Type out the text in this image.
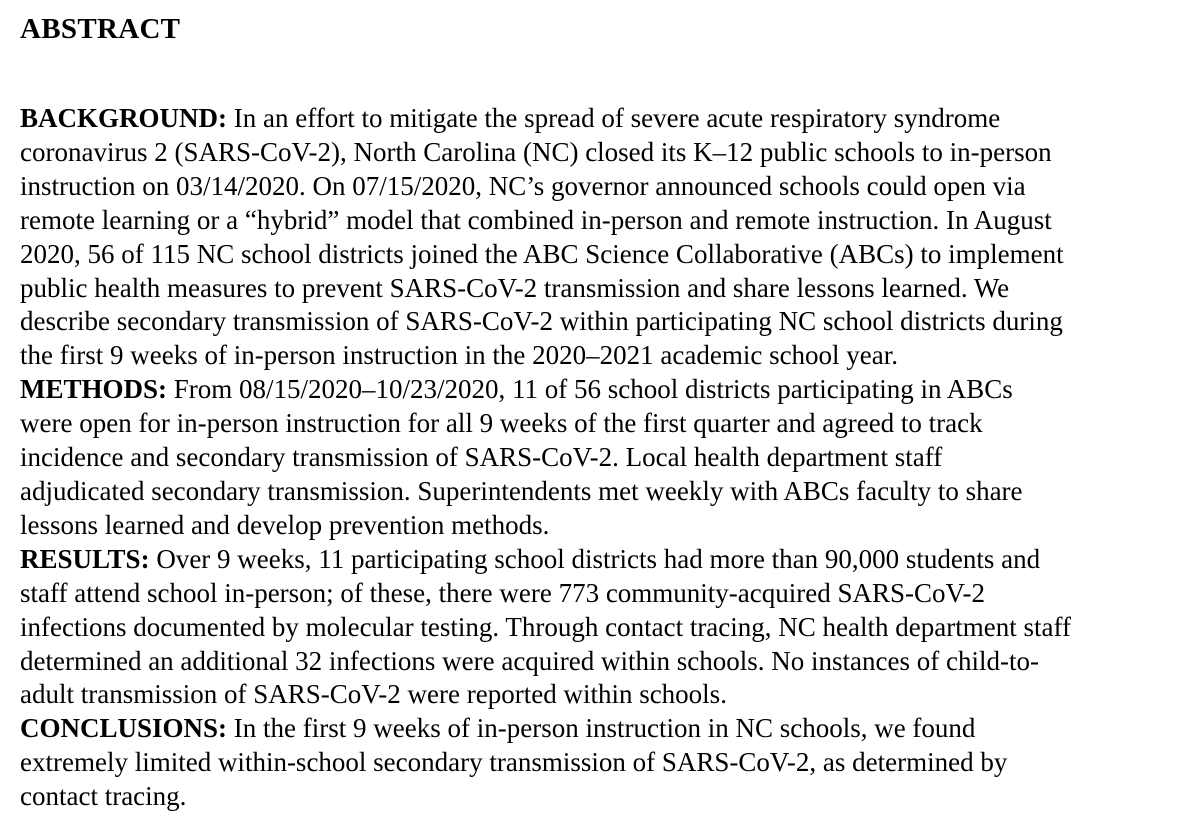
ABSTRACT
BACKGROUND: In an effort to mitigate the spread of severe acute respiratory syndrome
coronavirus 2 (SARS-CoV-2), North Carolina (NC) closed its K–12 public schools to in-person
instruction on 03/14/2020. On 07/15/2020, NC’s governor announced schools could open via
remote learning or a “hybrid” model that combined in-person and remote instruction. In August
2020, 56 of 115 NC school districts joined the ABC Science Collaborative (ABCs) to implement
public health measures to prevent SARS-CoV-2 transmission and share lessons learned. We
describe secondary transmission of SARS-CoV-2 within participating NC school districts during
the first 9 weeks of in-person instruction in the 2020–2021 academic school year.
METHODS: From 08/15/2020–10/23/2020, 11 of 56 school districts participating in ABCs
were open for in-person instruction for all 9 weeks of the first quarter and agreed to track
incidence and secondary transmission of SARS-CoV-2. Local health department staff
adjudicated secondary transmission. Superintendents met weekly with ABCs faculty to share
lessons learned and develop prevention methods.
RESULTS: Over 9 weeks, 11 participating school districts had more than 90,000 students and
staff attend school in-person; of these, there were 773 community-acquired SARS-CoV-2
infections documented by molecular testing. Through contact tracing, NC health department staff
determined an additional 32 infections were acquired within schools. No instances of child-to-
adult transmission of SARS-CoV-2 were reported within schools.
CONCLUSIONS: In the first 9 weeks of in-person instruction in NC schools, we found
extremely limited within-school secondary transmission of SARS-CoV-2, as determined by
contact tracing.
